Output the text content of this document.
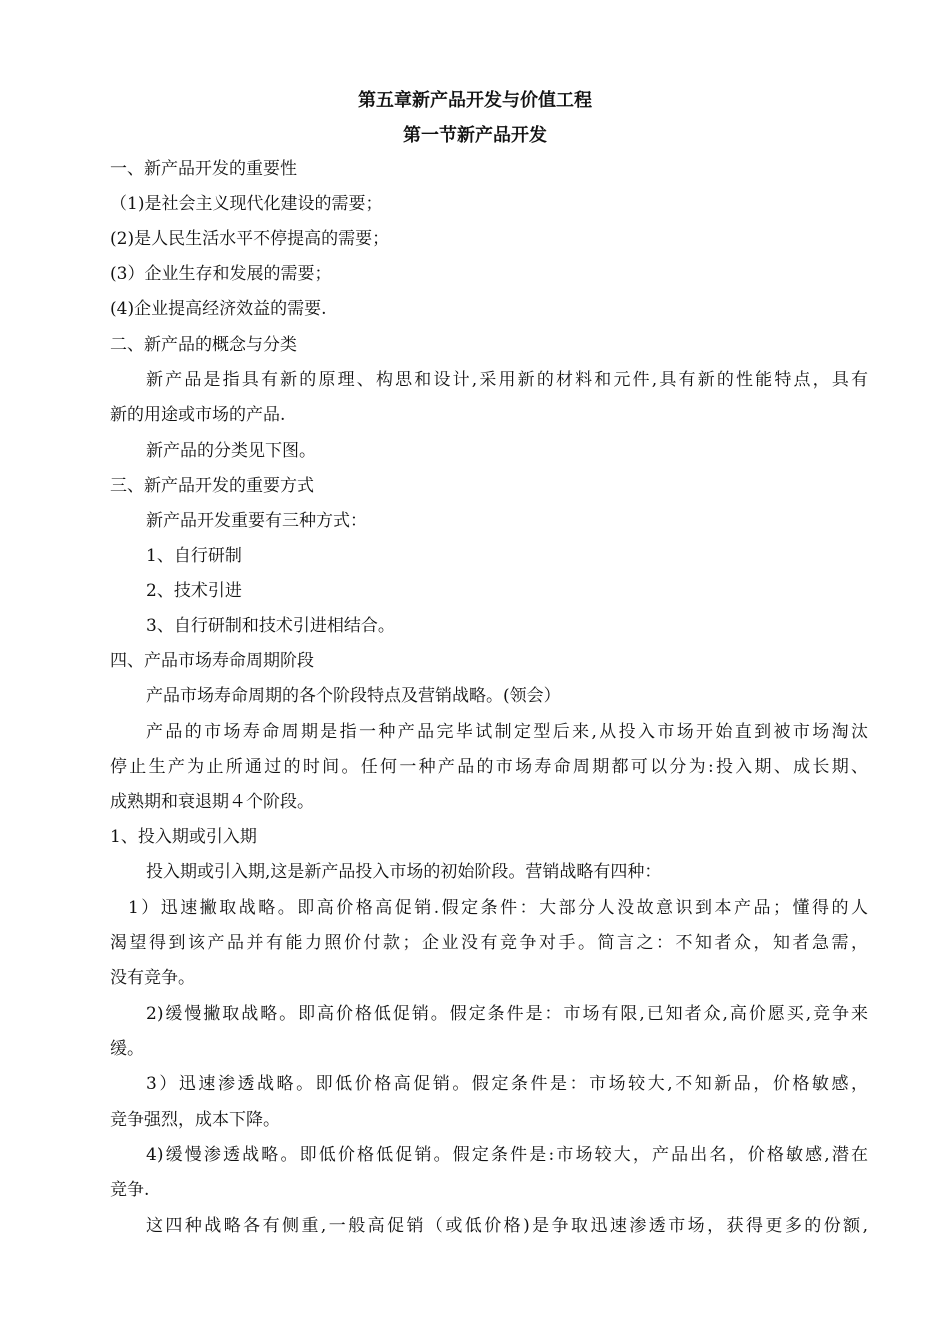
第五章新产品开发与价值工程
第一节新产品开发
一、新产品开发的重要性
（1)是社会主义现代化建设的需要；
(2)是人民生活水平不停提高的需要；
(3）企业生存和发展的需要；
(4)企业提高经济效益的需要.
二、新产品的概念与分类
新产品是指具有新的原理、构思和设计,采用新的材料和元件,具有新的性能特点，具有
新的用途或市场的产品.
新产品的分类见下图。
三、新产品开发的重要方式
新产品开发重要有三种方式：
1、自行研制
2、技术引进
3、自行研制和技术引进相结合。
四、产品市场寿命周期阶段
产品市场寿命周期的各个阶段特点及营销战略。(领会）
产品的市场寿命周期是指一种产品完毕试制定型后来,从投入市场开始直到被市场淘汰
停止生产为止所通过的时间。任何一种产品的市场寿命周期都可以分为:投入期、成长期、
成熟期和衰退期４个阶段。
1、投入期或引入期
投入期或引入期,这是新产品投入市场的初始阶段。营销战略有四种：
1）迅速撇取战略。即高价格高促销.假定条件：大部分人没故意识到本产品；懂得的人
渴望得到该产品并有能力照价付款；企业没有竞争对手。简言之：不知者众，知者急需，
没有竞争。
2)缓慢撇取战略。即高价格低促销。假定条件是：市场有限,已知者众,高价愿买,竞争来
缓。
3）迅速渗透战略。即低价格高促销。假定条件是：市场较大,不知新品，价格敏感，
竞争强烈，成本下降。
4)缓慢渗透战略。即低价格低促销。假定条件是:市场较大，产品出名，价格敏感,潜在
竞争.
这四种战略各有侧重,一般高促销（或低价格)是争取迅速渗透市场，获得更多的份额,
